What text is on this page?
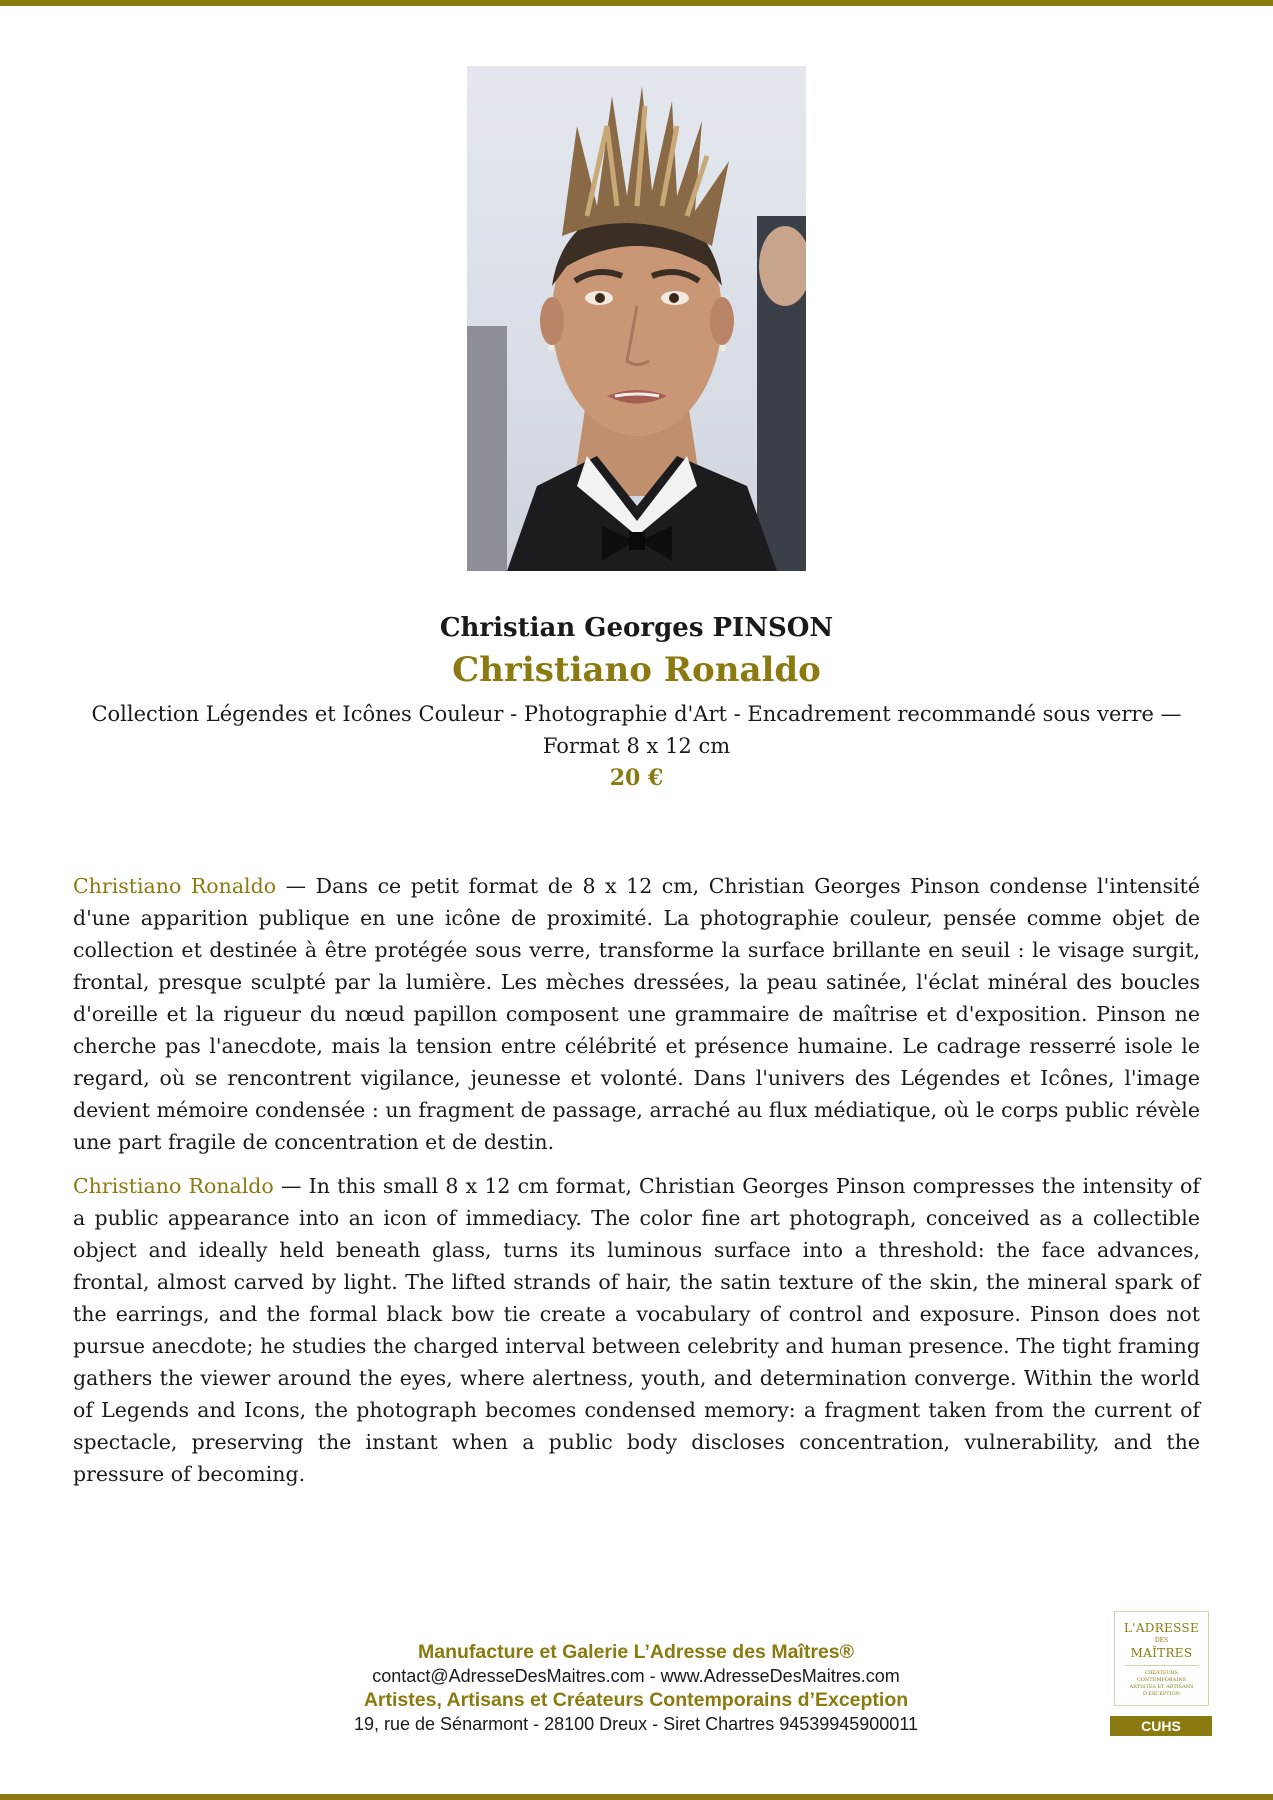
Christian Georges PINSON
Christiano Ronaldo
Collection Légendes et Icônes Couleur - Photographie d'Art - Encadrement recommandé sous verre — Format 8 x 12 cm
20 €

Christiano Ronaldo — Dans ce petit format de 8 x 12 cm, Christian Georges Pinson condense l'intensité d'une apparition publique en une icône de proximité. La photographie couleur, pensée comme objet de collection et destinée à être protégée sous verre, transforme la surface brillante en seuil : le visage surgit, frontal, presque sculpté par la lumière. Les mèches dressées, la peau satinée, l'éclat minéral des boucles d'oreille et la rigueur du nœud papillon composent une grammaire de maîtrise et d'exposition. Pinson ne cherche pas l'anecdote, mais la tension entre célébrité et présence humaine. Le cadrage resserré isole le regard, où se rencontrent vigilance, jeunesse et volonté. Dans l'univers des Légendes et Icônes, l'image devient mémoire condensée : un fragment de passage, arraché au flux médiatique, où le corps public révèle une part fragile de concentration et de destin.

Christiano Ronaldo — In this small 8 x 12 cm format, Christian Georges Pinson compresses the intensity of a public appearance into an icon of immediacy. The color fine art photograph, conceived as a collectible object and ideally held beneath glass, turns its luminous surface into a threshold: the face advances, frontal, almost carved by light. The lifted strands of hair, the satin texture of the skin, the mineral spark of the earrings, and the formal black bow tie create a vocabulary of control and exposure. Pinson does not pursue anecdote; he studies the charged interval between celebrity and human presence. The tight framing gathers the viewer around the eyes, where alertness, youth, and determination converge. Within the world of Legends and Icons, the photograph becomes condensed memory: a fragment taken from the current of spectacle, preserving the instant when a public body discloses concentration, vulnerability, and the pressure of becoming.

Manufacture et Galerie L’Adresse des Maîtres®
contact@AdresseDesMaitres.com - www.AdresseDesMaitres.com
Artistes, Artisans et Créateurs Contemporains d’Exception
19, rue de Sénarmont - 28100 Dreux - Siret Chartres 94539945900011
L'ADRESSE
DES
MAÎTRES
CRÉATEURS CONTEMPORAINS ARTISTES ET ARTISANS D'EXCEPTION
CUHS
